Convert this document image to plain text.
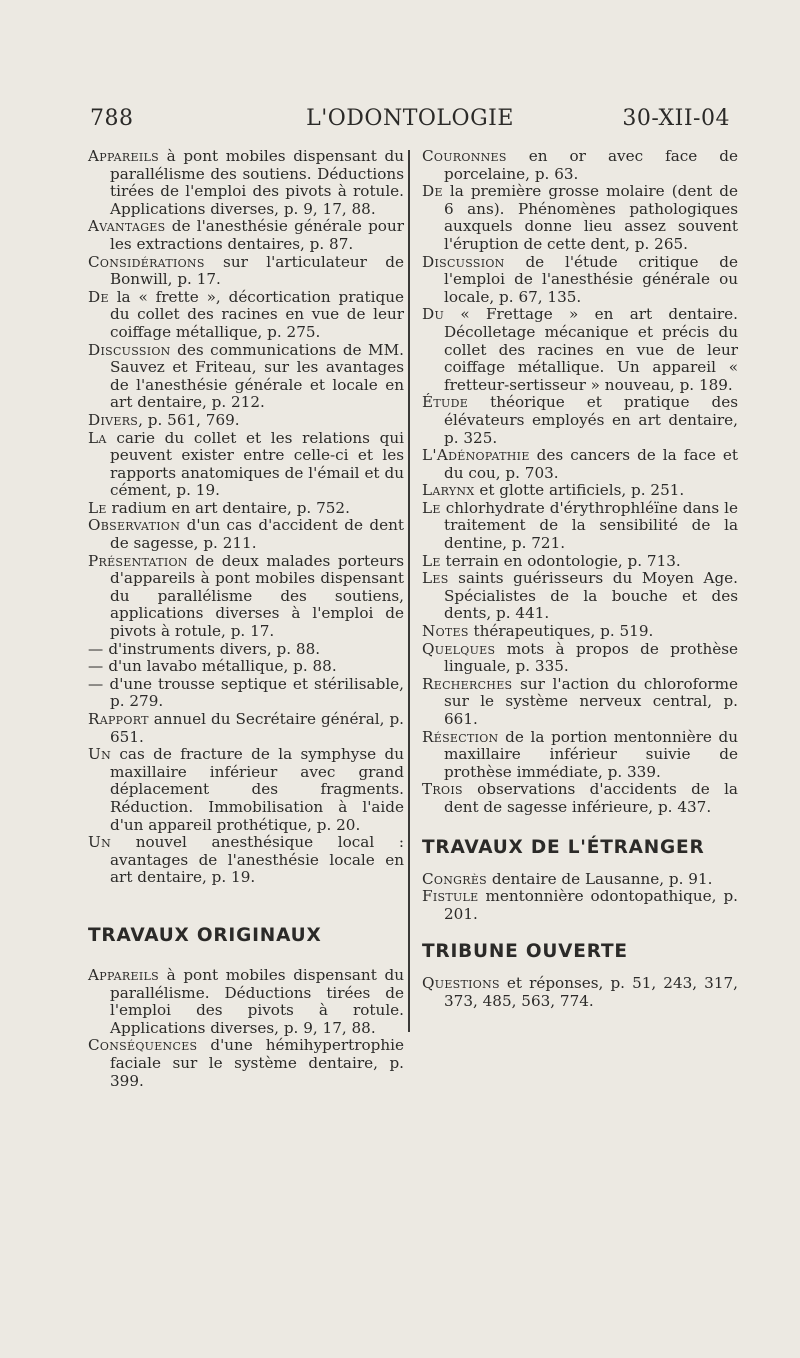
788	L'ODONTOLOGIE	30-XII-04

Appareils à pont mobiles dispensant du parallélisme des soutiens. Déductions tirées de l'emploi des pivots à rotule. Applications diverses, p. 9, 17, 88.

Avantages de l'anesthésie générale pour les extractions dentaires, p. 87.

Considérations sur l'articulateur de Bonwill, p. 17.

De la « frette », décortication pratique du collet des racines en vue de leur coiffage métallique, p. 275.

Discussion des communications de MM. Sauvez et Friteau, sur les avantages de l'anesthésie générale et locale en art dentaire, p. 212.

Divers, p. 561, 769.

La carie du collet et les relations qui peuvent exister entre celle-ci et les rapports anatomiques de l'émail et du cément, p. 19.

Le radium en art dentaire, p. 752.

Observation d'un cas d'accident de dent de sagesse, p. 211.

Présentation de deux malades porteurs d'appareils à pont mobiles dispensant du parallélisme des soutiens, applications diverses à l'emploi de pivots à rotule, p. 17.

— d'instruments divers, p. 88.

— d'un lavabo métallique, p. 88.

— d'une trousse septique et stérilisable, p. 279.

Rapport annuel du Secrétaire général, p. 651.

Un cas de fracture de la symphyse du maxillaire inférieur avec grand déplacement des fragments. Réduction. Immobilisation à l'aide d'un appareil prothétique, p. 20.

Un nouvel anesthésique local : avantages de l'anesthésie locale en art dentaire, p. 19.

TRAVAUX ORIGINAUX

Appareils à pont mobiles dispensant du parallélisme. Déductions tirées de l'emploi des pivots à rotule. Applications diverses, p. 9, 17, 88.

Conséquences d'une hémihypertrophie faciale sur le système dentaire, p. 399.

Couronnes en or avec face de porcelaine, p. 63.

De la première grosse molaire (dent de 6 ans). Phénomènes pathologiques auxquels donne lieu assez souvent l'éruption de cette dent, p. 265.

Discussion de l'étude critique de l'emploi de l'anesthésie générale ou locale, p. 67, 135.

Du « Frettage » en art dentaire. Décolletage mécanique et précis du collet des racines en vue de leur coiffage métallique. Un appareil « fretteur-sertisseur » nouveau, p. 189.

Étude théorique et pratique des élévateurs employés en art dentaire, p. 325.

L'Adénopathie des cancers de la face et du cou, p. 703.

Larynx et glotte artificiels, p. 251.

Le chlorhydrate d'érythrophléïne dans le traitement de la sensibilité de la dentine, p. 721.

Le terrain en odontologie, p. 713.

Les saints guérisseurs du Moyen Age. Spécialistes de la bouche et des dents, p. 441.

Notes thérapeutiques, p. 519.

Quelques mots à propos de prothèse linguale, p. 335.

Recherches sur l'action du chloroforme sur le système nerveux central, p. 661.

Résection de la portion mentonnière du maxillaire inférieur suivie de prothèse immédiate, p. 339.

Trois observations d'accidents de la dent de sagesse inférieure, p. 437.

TRAVAUX DE L'ÉTRANGER

Congrès dentaire de Lausanne, p. 91.

Fistule mentonnière odontopathique, p. 201.

TRIBUNE OUVERTE

Questions et réponses, p. 51, 243, 317, 373, 485, 563, 774.
